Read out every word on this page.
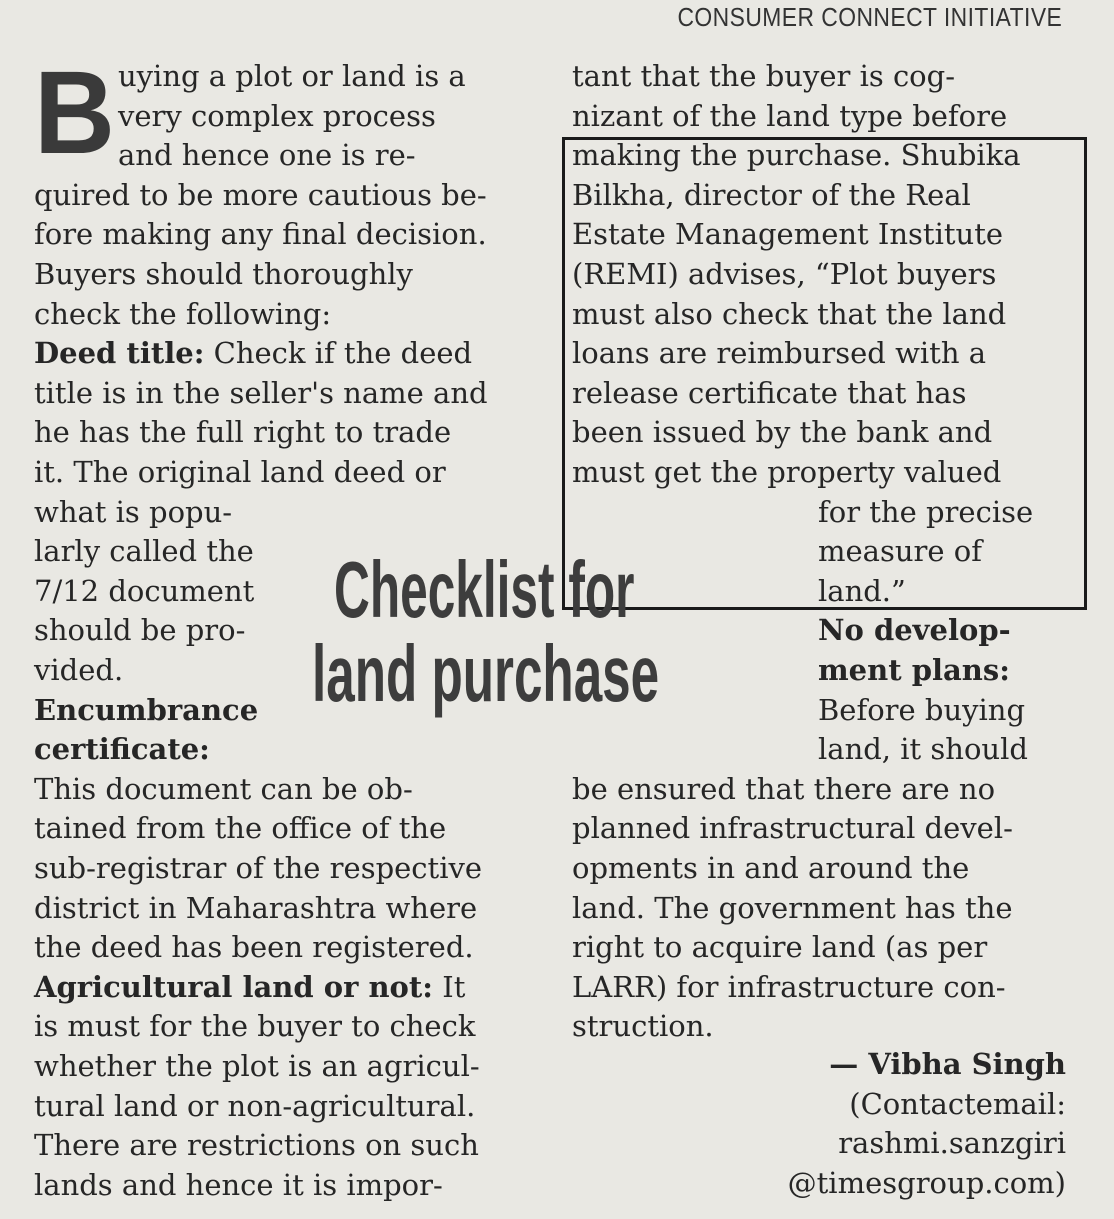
CONSUMER CONNECT INITIATIVE
B uying a plot or land is a
very complex process
and hence one is re-
quired to be more cautious be-
fore making any final decision.
Buyers should thoroughly
check the following:
Deed title: Check if the deed
title is in the seller's name and
he has the full right to trade
it. The original land deed or
what is popu-
larly called the
7/12 document
should be pro-
vided.
Encumbrance
certificate:
This document can be ob-
tained from the office of the
sub-registrar of the respective
district in Maharashtra where
the deed has been registered.
Agricultural land or not: It
is must for the buyer to check
whether the plot is an agricul-
tural land or non-agricultural.
There are restrictions on such
lands and hence it is impor-
tant that the buyer is cog-
nizant of the land type before
making the purchase. Shubika
Bilkha, director of the Real
Estate Management Institute
(REMI) advises, “Plot buyers
must also check that the land
loans are reimbursed with a
release certificate that has
been issued by the bank and
must get the property valued
for the precise
measure of
land.”
No develop-
ment plans:
Before buying
land, it should
be ensured that there are no
planned infrastructural devel-
opments in and around the
land. The government has the
right to acquire land (as per
LARR) for infrastructure con-
struction.
Checklist for
land purchase
— Vibha Singh
(Contactemail:
rashmi.sanzgiri
@timesgroup.com)
